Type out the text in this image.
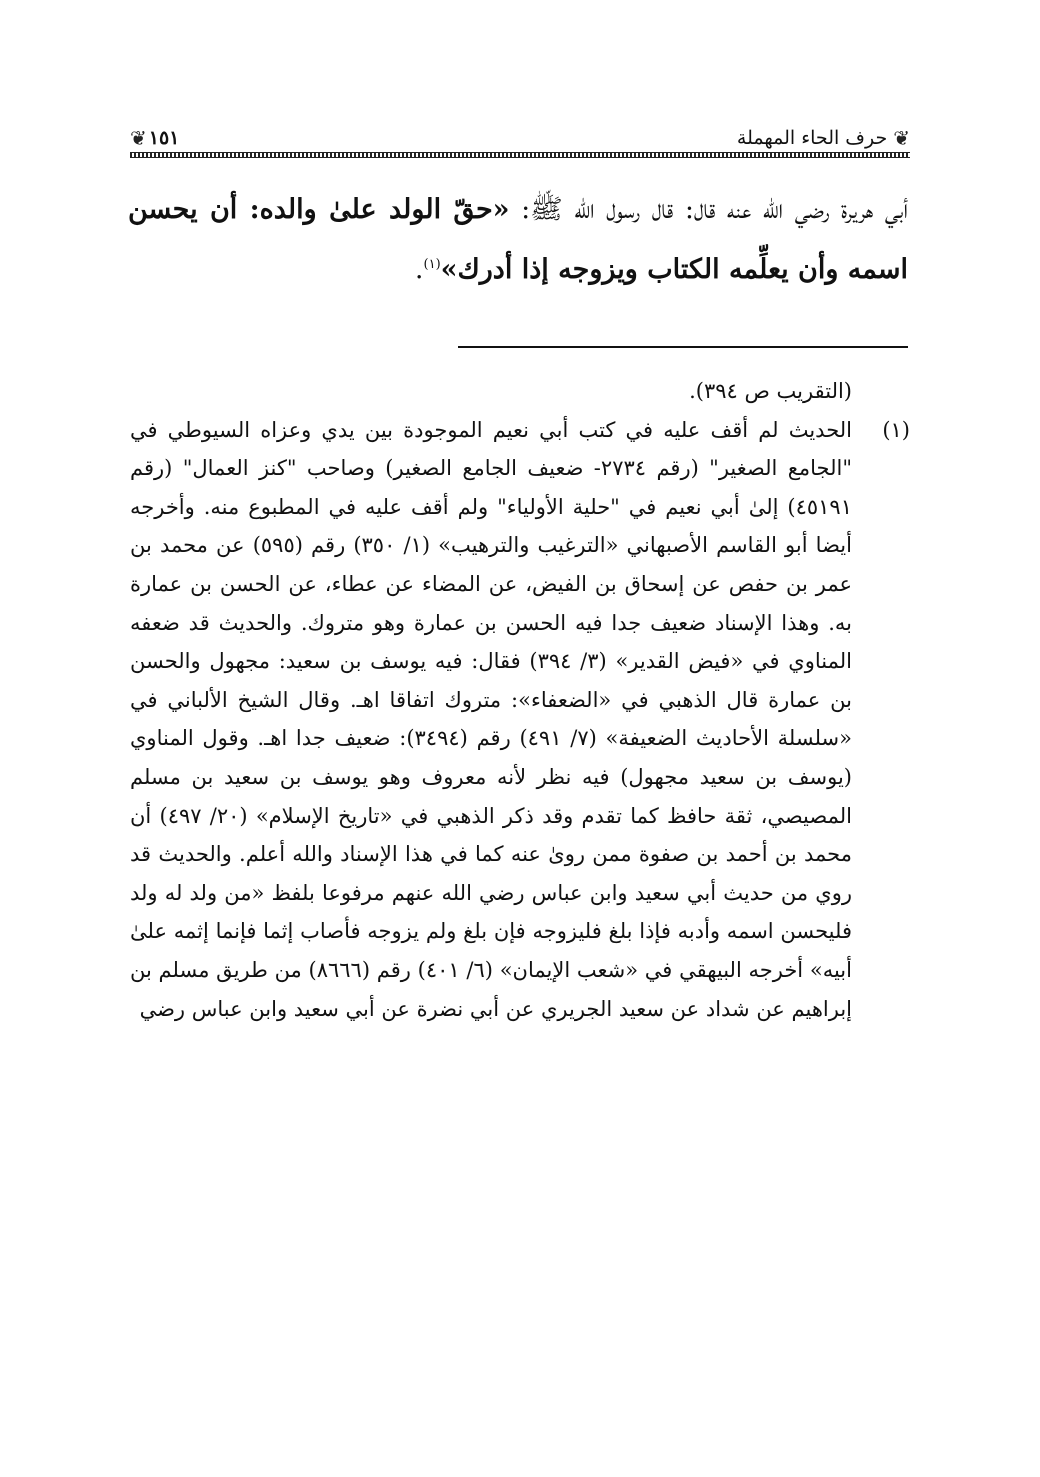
❦
حرف الحاء المهملة
١٥١
❦

أبي هريرة رضي الله عنه قال: قال رسول الله ﷺ: «حقّ الولد علىٰ والده: أن يحسن اسمه وأن يعلِّمه الكتاب ويزوجه إذا أدرك»$^{(١)}$.

(التقريب ص ٣٩٤).

(١)
الحديث لم أقف عليه في كتب أبي نعيم الموجودة بين يدي وعزاه السيوطي في "الجامع الصغير" (رقم ٢٧٣٤- ضعيف الجامع الصغير) وصاحب "كنز العمال" (رقم ٤٥١٩١) إلىٰ أبي نعيم في "حلية الأولياء" ولم أقف عليه في المطبوع منه. وأخرجه أيضا أبو القاسم الأصبهاني «الترغيب والترهيب» (١/ ٣٥٠) رقم (٥٩٥) عن محمد بن عمر بن حفص عن إسحاق بن الفيض، عن المضاء عن عطاء، عن الحسن بن عمارة به. وهذا الإسناد ضعيف جدا فيه الحسن بن عمارة وهو متروك. والحديث قد ضعفه المناوي في «فيض القدير» (٣/ ٣٩٤) فقال: فيه يوسف بن سعيد: مجهول والحسن بن عمارة قال الذهبي في «الضعفاء»: متروك اتفاقا اهـ. وقال الشيخ الألباني في «سلسلة الأحاديث الضعيفة» (٧/ ٤٩١) رقم (٣٤٩٤): ضعيف جدا اهـ. وقول المناوي (يوسف بن سعيد مجهول) فيه نظر لأنه معروف وهو يوسف بن سعيد بن مسلم المصيصي، ثقة حافظ كما تقدم وقد ذكر الذهبي في «تاريخ الإسلام» (٢٠/ ٤٩٧) أن محمد بن أحمد بن صفوة ممن روىٰ عنه كما في هذا الإسناد والله أعلم. والحديث قد روي من حديث أبي سعيد وابن عباس رضي الله عنهم مرفوعا بلفظ «من ولد له ولد فليحسن اسمه وأدبه فإذا بلغ فليزوجه فإن بلغ ولم يزوجه فأصاب إثما فإنما إثمه علىٰ أبيه» أخرجه البيهقي في «شعب الإيمان» (٦/ ٤٠١) رقم (٨٦٦٦) من طريق مسلم بن إبراهيم عن شداد عن سعيد الجريري عن أبي نضرة عن أبي سعيد وابن عباس رضي
